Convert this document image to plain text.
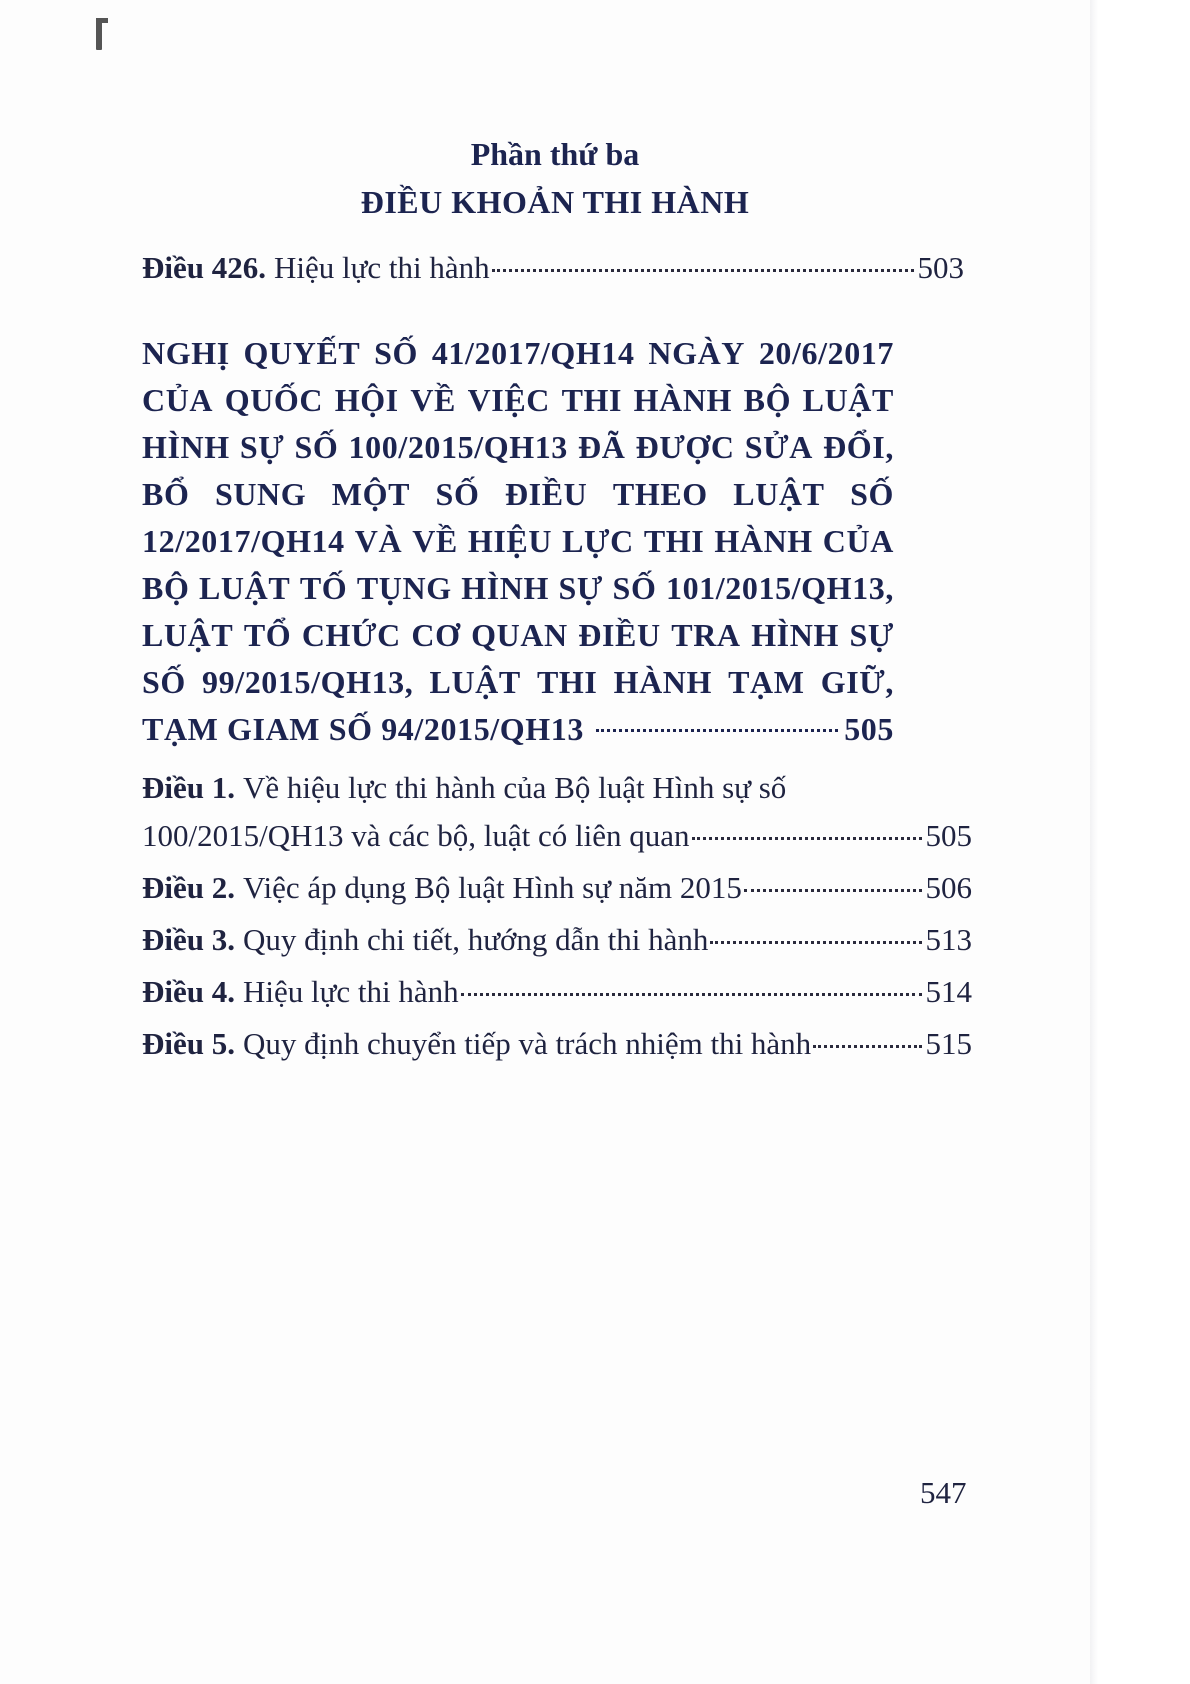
Phần thứ ba
ĐIỀU KHOẢN THI HÀNH
Điều 426. Hiệu lực thi hành	503
NGHỊ QUYẾT SỐ 41/2017/QH14 NGÀY 20/6/2017
CỦA QUỐC HỘI VỀ VIỆC THI HÀNH BỘ LUẬT
HÌNH SỰ SỐ 100/2015/QH13 ĐÃ ĐƯỢC SỬA ĐỔI,
BỔ SUNG MỘT SỐ ĐIỀU THEO LUẬT SỐ
12/2017/QH14 VÀ VỀ HIỆU LỰC THI HÀNH CỦA
BỘ LUẬT TỐ TỤNG HÌNH SỰ SỐ 101/2015/QH13,
LUẬT TỔ CHỨC CƠ QUAN ĐIỀU TRA HÌNH SỰ
SỐ 99/2015/QH13, LUẬT THI HÀNH TẠM GIỮ,
TẠM GIAM SỐ 94/2015/QH13	505
Điều 1. Về hiệu lực thi hành của Bộ luật Hình sự số
100/2015/QH13 và các bộ, luật có liên quan	505
Điều 2. Việc áp dụng Bộ luật Hình sự năm 2015	506
Điều 3. Quy định chi tiết, hướng dẫn thi hành	513
Điều 4. Hiệu lực thi hành	514
Điều 5. Quy định chuyển tiếp và trách nhiệm thi hành	515
547
